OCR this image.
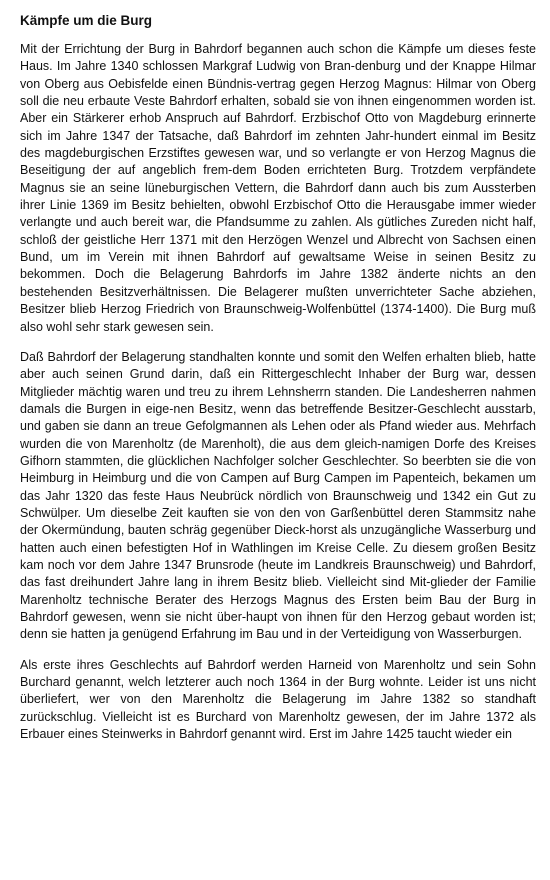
Kämpfe um die Burg
Mit der Errichtung der Burg in Bahrdorf begannen auch schon die Kämpfe um dieses feste Haus. Im Jahre 1340 schlossen Markgraf Ludwig von Bran-denburg und der Knappe Hilmar von Oberg aus Oebisfelde einen Bündnis-vertrag gegen Herzog Magnus: Hilmar von Oberg soll die neu erbaute Veste Bahrdorf erhalten, sobald sie von ihnen eingenommen worden ist. Aber ein Stärkerer erhob Anspruch auf Bahrdorf. Erzbischof Otto von Magdeburg erinnerte sich im Jahre 1347 der Tatsache, daß Bahrdorf im zehnten Jahr-hundert einmal im Besitz des magdeburgischen Erzstiftes gewesen war, und so verlangte er von Herzog Magnus die Beseitigung der auf angeblich frem-dem Boden errichteten Burg. Trotzdem verpfändete Magnus sie an seine lüneburgischen Vettern, die Bahrdorf dann auch bis zum Aussterben ihrer Linie 1369 im Besitz behielten, obwohl Erzbischof Otto die Herausgabe immer wieder verlangte und auch bereit war, die Pfandsumme zu zahlen. Als gütliches Zureden nicht half, schloß der geistliche Herr 1371 mit den Herzögen Wenzel und Albrecht von Sachsen einen Bund, um im Verein mit ihnen Bahrdorf auf gewaltsame Weise in seinen Besitz zu bekommen. Doch die Belagerung Bahrdorfs im Jahre 1382 änderte nichts an den bestehenden Besitzverhältnissen. Die Belagerer mußten unverrichteter Sache abziehen, Besitzer blieb Herzog Friedrich von Braunschweig-Wolfenbüttel (1374-1400). Die Burg muß also wohl sehr stark gewesen sein.
Daß Bahrdorf der Belagerung standhalten konnte und somit den Welfen erhalten blieb, hatte aber auch seinen Grund darin, daß ein Rittergeschlecht Inhaber der Burg war, dessen Mitglieder mächtig waren und treu zu ihrem Lehnsherrn standen. Die Landesherren nahmen damals die Burgen in eige-nen Besitz, wenn das betreffende Besitzer-Geschlecht ausstarb, und gaben sie dann an treue Gefolgmannen als Lehen oder als Pfand wieder aus. Mehrfach wurden die von Marenholtz (de Marenholt), die aus dem gleich-namigen Dorfe des Kreises Gifhorn stammten, die glücklichen Nachfolger solcher Geschlechter. So beerbten sie die von Heimburg in Heimburg und die von Campen auf Burg Campen im Papenteich, bekamen um das Jahr 1320 das feste Haus Neubrück nördlich von Braunschweig und 1342 ein Gut zu Schwülper. Um dieselbe Zeit kauften sie von den von Garßenbüttel deren Stammsitz nahe der Okermündung, bauten schräg gegenüber Dieck-horst als unzugängliche Wasserburg und hatten auch einen befestigten Hof in Wathlingen im Kreise Celle. Zu diesem großen Besitz kam noch vor dem Jahre 1347 Brunsrode (heute im Landkreis Braunschweig) und Bahrdorf, das fast dreihundert Jahre lang in ihrem Besitz blieb. Vielleicht sind Mit-glieder der Familie Marenholtz technische Berater des Herzogs Magnus des Ersten beim Bau der Burg in Bahrdorf gewesen, wenn sie nicht über-haupt von ihnen für den Herzog gebaut worden ist; denn sie hatten ja genügend Erfahrung im Bau und in der Verteidigung von Wasserburgen.
Als erste ihres Geschlechts auf Bahrdorf werden Harneid von Marenholtz und sein Sohn Burchard genannt, welch letzterer auch noch 1364 in der Burg wohnte. Leider ist uns nicht überliefert, wer von den Marenholtz die Belagerung im Jahre 1382 so standhaft zurückschlug. Vielleicht ist es Burchard von Marenholtz gewesen, der im Jahre 1372 als Erbauer eines Steinwerks in Bahrdorf genannt wird. Erst im Jahre 1425 taucht wieder ein
